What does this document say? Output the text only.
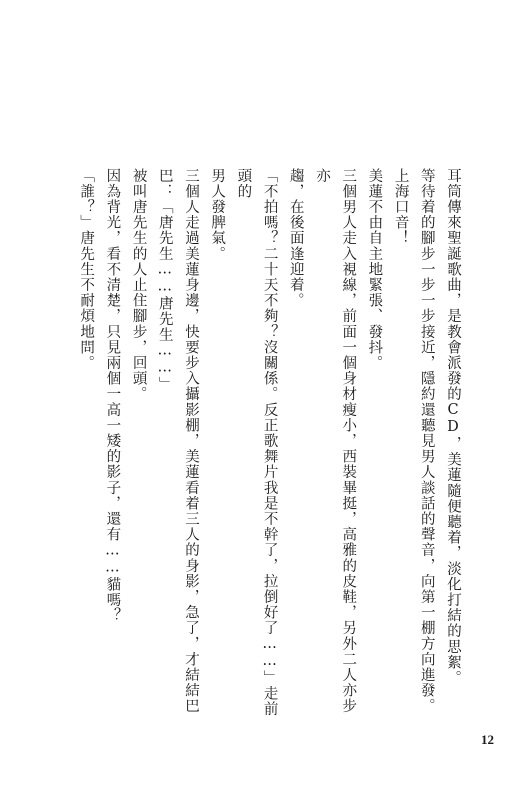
耳筒傳來聖誕歌曲，是教會派發的CD，美蓮隨便聽着，淡化打結的思絮。

等待着的腳步一步一步接近，隱約還聽見男人談話的聲音，向第一棚方向進發。

上海口音！

美蓮不由自主地緊張、發抖。

三個男人走入視線，前面一個身材瘦小，西裝畢挺，高雅的皮鞋，另外二人亦步亦

趨，在後面逢迎着。

「不拍嗎？二十天不夠？沒關係。反正歌舞片我是不幹了，拉倒好了……」走前頭的

男人發脾氣。

三個人走過美蓮身邊，快要步入攝影棚，美蓮看着三人的身影，急了，才結結巴

巴：「唐先生……唐先生……」

被叫唐先生的人止住腳步，回頭。

因為背光，看不清楚，只見兩個一高一矮的影子，還有……貓嗎？

「誰？」唐先生不耐煩地問。

12
